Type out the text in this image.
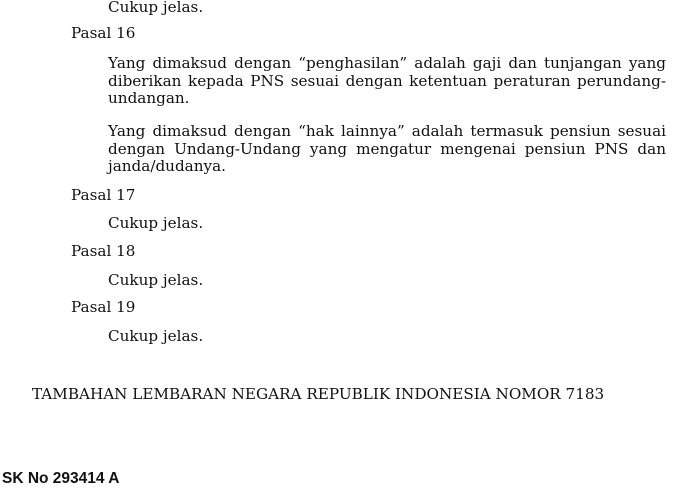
Cukup jelas.

Pasal 16

Yang dimaksud dengan “penghasilan” adalah gaji dan tunjangan yang diberikan kepada PNS sesuai dengan ketentuan peraturan perundang-undangan.

Yang dimaksud dengan “hak lainnya” adalah termasuk pensiun sesuai dengan Undang-Undang yang mengatur mengenai pensiun PNS dan janda/dudanya.

Pasal 17

Cukup jelas.

Pasal 18

Cukup jelas.

Pasal 19

Cukup jelas.

TAMBAHAN LEMBARAN NEGARA REPUBLIK INDONESIA NOMOR 7183

SK No 293414 A
